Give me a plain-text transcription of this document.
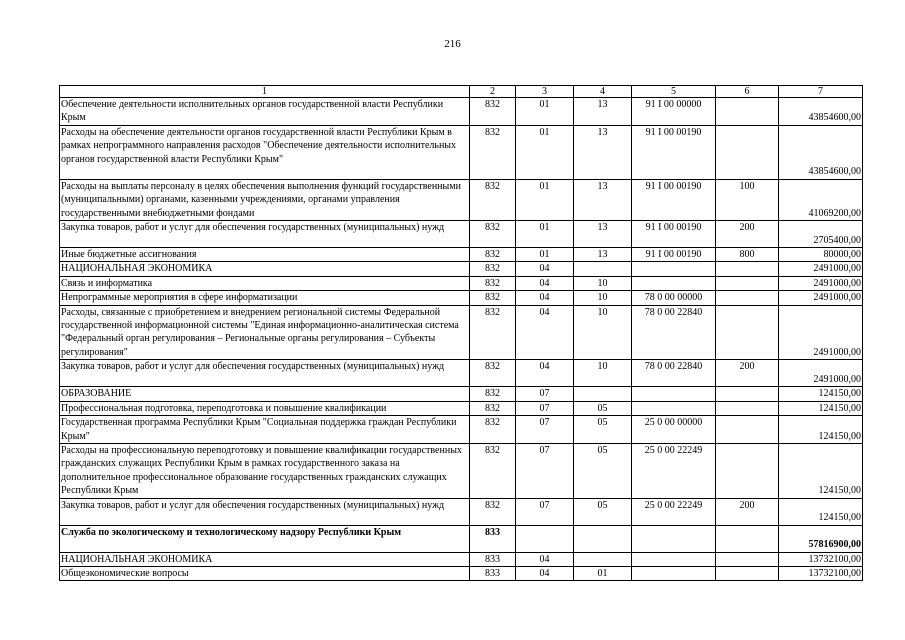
216
1	2	3	4	5	6	7
Обеспечение деятельности исполнительных органов государственной власти Республики Крым	832	01	13	91 I 00 00000		43854600,00
Расходы на обеспечение деятельности органов государственной власти Республики Крым в рамках непрограммного направления расходов "Обеспечение деятельности исполнительных органов государственной власти Республики Крым"	832	01	13	91 I 00 00190		43854600,00
Расходы на выплаты персоналу в целях обеспечения выполнения функций государственными (муниципальными) органами, казенными учреждениями, органами управления государственными внебюджетными фондами	832	01	13	91 I 00 00190	100	41069200,00
Закупка товаров, работ и услуг для обеспечения государственных (муниципальных) нужд	832	01	13	91 I 00 00190	200	2705400,00
Иные бюджетные ассигнования	832	01	13	91 I 00 00190	800	80000,00
НАЦИОНАЛЬНАЯ ЭКОНОМИКА	832	04				2491000,00
Связь и информатика	832	04	10			2491000,00
Непрограммные мероприятия в сфере информатизации	832	04	10	78 0 00 00000		2491000,00
Расходы, связанные с приобретением и внедрением региональной системы Федеральной государственной информационной системы "Единая информационно-аналитическая система "Федеральный орган регулирования – Региональные органы регулирования – Субъекты регулирования"	832	04	10	78 0 00 22840		2491000,00
Закупка товаров, работ и услуг для обеспечения государственных (муниципальных) нужд	832	04	10	78 0 00 22840	200	2491000,00
ОБРАЗОВАНИЕ	832	07				124150,00
Профессиональная подготовка, переподготовка и повышение квалификации	832	07	05			124150,00
Государственная программа Республики Крым "Социальная поддержка граждан Республики Крым"	832	07	05	25 0 00 00000		124150,00
Расходы на профессиональную переподготовку и повышение квалификации государственных гражданских служащих Республики Крым в рамках государственного заказа на дополнительное профессиональное образование государственных гражданских служащих Республики Крым	832	07	05	25 0 00 22249		124150,00
Закупка товаров, работ и услуг для обеспечения государственных (муниципальных) нужд	832	07	05	25 0 00 22249	200	124150,00
Служба по экологическому и технологическому надзору Республики Крым	833					57816900,00
НАЦИОНАЛЬНАЯ ЭКОНОМИКА	833	04				13732100,00
Общеэкономические вопросы	833	04	01			13732100,00
